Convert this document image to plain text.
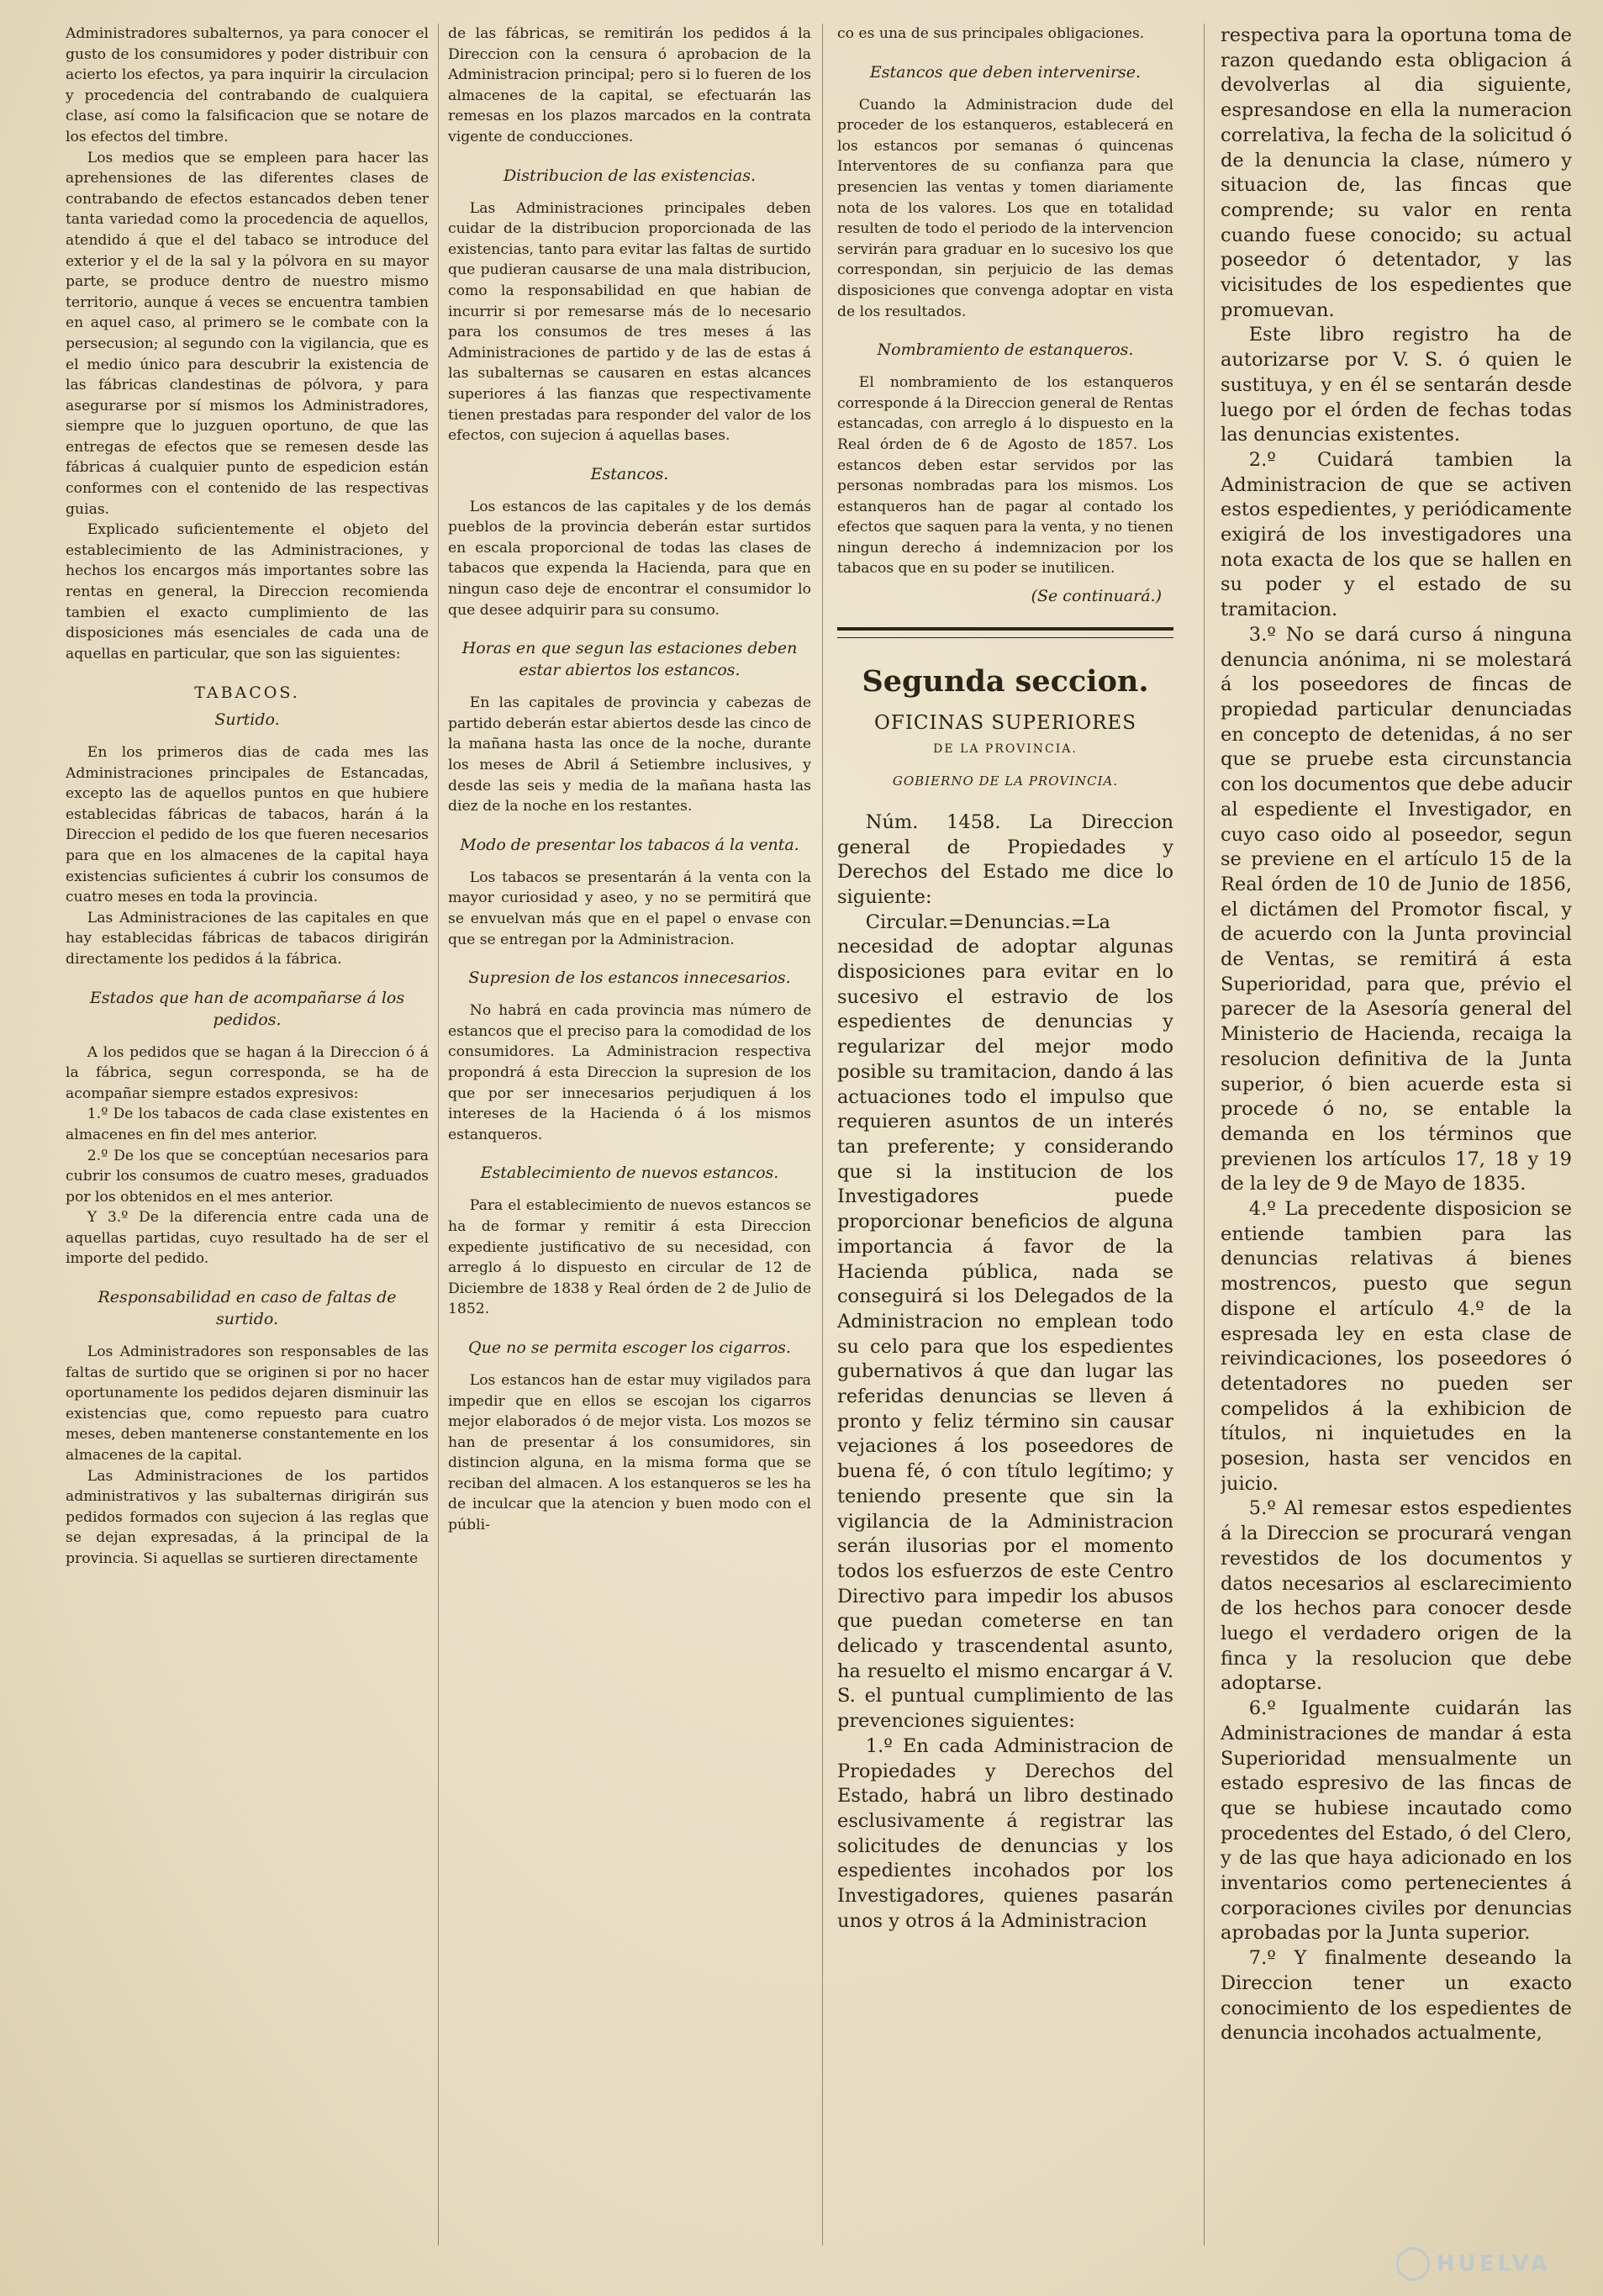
Administradores subalternos, ya para conocer el gusto de los consumidores y poder distribuir con acierto los efectos, ya para inquirir la circulacion y procedencia del contrabando de cualquiera clase, así como la falsificacion que se notare de los efectos del timbre.

Los medios que se empleen para hacer las aprehensiones de las diferentes clases de contrabando de efectos estancados deben tener tanta variedad como la procedencia de aquellos, atendido á que el del tabaco se introduce del exterior y el de la sal y la pólvora en su mayor parte, se produce dentro de nuestro mismo territorio, aunque á veces se encuentra tambien en aquel caso, al primero se le combate con la persecusion; al segundo con la vigilancia, que es el medio único para descubrir la existencia de las fábricas clandestinas de pólvora, y para asegurarse por sí mismos los Administradores, siempre que lo juzguen oportuno, de que las entregas de efectos que se remesen desde las fábricas á cualquier punto de espedicion están conformes con el contenido de las respectivas guias.

Explicado suficientemente el objeto del establecimiento de las Administraciones, y hechos los encargos más importantes sobre las rentas en general, la Direccion recomienda tambien el exacto cumplimiento de las disposiciones más esenciales de cada una de aquellas en particular, que son las siguientes:

TABACOS.
Surtido.

En los primeros dias de cada mes las Administraciones principales de Estancadas, excepto las de aquellos puntos en que hubiere establecidas fábricas de tabacos, harán á la Direccion el pedido de los que fueren necesarios para que en los almacenes de la capital haya existencias suficientes á cubrir los consumos de cuatro meses en toda la provincia.

Las Administraciones de las capitales en que hay establecidas fábricas de tabacos dirigirán directamente los pedidos á la fábrica.

Estados que han de acompañarse á los pedidos.

A los pedidos que se hagan á la Direccion ó á la fábrica, segun corresponda, se ha de acompañar siempre estados expresivos:

1.º De los tabacos de cada clase existentes en almacenes en fin del mes anterior.

2.º De los que se conceptúan necesarios para cubrir los consumos de cuatro meses, graduados por los obtenidos en el mes anterior.

Y 3.º De la diferencia entre cada una de aquellas partidas, cuyo resultado ha de ser el importe del pedido.

Responsabilidad en caso de faltas de surtido.

Los Administradores son responsables de las faltas de surtido que se originen si por no hacer oportunamente los pedidos dejaren disminuir las existencias que, como repuesto para cuatro meses, deben mantenerse constantemente en los almacenes de la capital.

Las Administraciones de los partidos administrativos y las subalternas dirigirán sus pedidos formados con sujecion á las reglas que se dejan expresadas, á la principal de la provincia. Si aquellas se surtieren directamente

de las fábricas, se remitirán los pedidos á la Direccion con la censura ó aprobacion de la Administracion principal; pero si lo fueren de los almacenes de la capital, se efectuarán las remesas en los plazos marcados en la contrata vigente de conducciones.

Distribucion de las existencias.

Las Administraciones principales deben cuidar de la distribucion proporcionada de las existencias, tanto para evitar las faltas de surtido que pudieran causarse de una mala distribucion, como la responsabilidad en que habian de incurrir si por remesarse más de lo necesario para los consumos de tres meses á las Administraciones de partido y de las de estas á las subalternas se causaren en estas alcances superiores á las fianzas que respectivamente tienen prestadas para responder del valor de los efectos, con sujecion á aquellas bases.

Estancos.

Los estancos de las capitales y de los demás pueblos de la provincia deberán estar surtidos en escala proporcional de todas las clases de tabacos que expenda la Hacienda, para que en ningun caso deje de encontrar el consumidor lo que desee adquirir para su consumo.

Horas en que segun las estaciones deben estar abiertos los estancos.

En las capitales de provincia y cabezas de partido deberán estar abiertos desde las cinco de la mañana hasta las once de la noche, durante los meses de Abril á Setiembre inclusives, y desde las seis y media de la mañana hasta las diez de la noche en los restantes.

Modo de presentar los tabacos á la venta.

Los tabacos se presentarán á la venta con la mayor curiosidad y aseo, y no se permitirá que se envuelvan más que en el papel o envase con que se entregan por la Administracion.

Supresion de los estancos innecesarios.

No habrá en cada provincia mas número de estancos que el preciso para la comodidad de los consumidores. La Administracion respectiva propondrá á esta Direccion la supresion de los que por ser innecesarios perjudiquen á los intereses de la Hacienda ó á los mismos estanqueros.

Establecimiento de nuevos estancos.

Para el establecimiento de nuevos estancos se ha de formar y remitir á esta Direccion expediente justificativo de su necesidad, con arreglo á lo dispuesto en circular de 12 de Diciembre de 1838 y Real órden de 2 de Julio de 1852.

Que no se permita escoger los cigarros.

Los estancos han de estar muy vigilados para impedir que en ellos se escojan los cigarros mejor elaborados ó de mejor vista. Los mozos se han de presentar á los consumidores, sin distincion alguna, en la misma forma que se reciban del almacen. A los estanqueros se les ha de inculcar que la atencion y buen modo con el públi-

co es una de sus principales obligaciones.

Estancos que deben intervenirse.

Cuando la Administracion dude del proceder de los estanqueros, establecerá en los estancos por semanas ó quincenas Interventores de su confianza para que presencien las ventas y tomen diariamente nota de los valores. Los que en totalidad resulten de todo el periodo de la intervencion servirán para graduar en lo sucesivo los que correspondan, sin perjuicio de las demas disposiciones que convenga adoptar en vista de los resultados.

Nombramiento de estanqueros.

El nombramiento de los estanqueros corresponde á la Direccion general de Rentas estancadas, con arreglo á lo dispuesto en la Real órden de 6 de Agosto de 1857. Los estancos deben estar servidos por las personas nombradas para los mismos. Los estanqueros han de pagar al contado los efectos que saquen para la venta, y no tienen ningun derecho á indemnizacion por los tabacos que en su poder se inutilicen.

(Se continuará.)
Segunda seccion.
OFICINAS SUPERIORES
DE LA PROVINCIA.
GOBIERNO DE LA PROVINCIA.

Núm. 1458. La Direccion general de Propiedades y Derechos del Estado me dice lo siguiente:

Circular.=Denuncias.=La necesidad de adoptar algunas disposiciones para evitar en lo sucesivo el estravio de los espedientes de denuncias y regularizar del mejor modo posible su tramitacion, dando á las actuaciones todo el impulso que requieren asuntos de un interés tan preferente; y considerando que si la institucion de los Investigadores puede proporcionar beneficios de alguna importancia á favor de la Hacienda pública, nada se conseguirá si los Delegados de la Administracion no emplean todo su celo para que los espedientes gubernativos á que dan lugar las referidas denuncias se lleven á pronto y feliz término sin causar vejaciones á los poseedores de buena fé, ó con título legítimo; y teniendo presente que sin la vigilancia de la Administracion serán ilusorias por el momento todos los esfuerzos de este Centro Directivo para impedir los abusos que puedan cometerse en tan delicado y trascendental asunto, ha resuelto el mismo encargar á V. S. el puntual cumplimiento de las prevenciones siguientes:

1.º En cada Administracion de Propiedades y Derechos del Estado, habrá un libro destinado esclusivamente á registrar las solicitudes de denuncias y los espedientes incohados por los Investigadores, quienes pasarán unos y otros á la Administracion

respectiva para la oportuna toma de razon quedando esta obligacion á devolverlas al dia siguiente, espresandose en ella la numeracion correlativa, la fecha de la solicitud ó de la denuncia la clase, número y situacion de, las fincas que comprende; su valor en renta cuando fuese conocido; su actual poseedor ó detentador, y las vicisitudes de los espedientes que promuevan.

Este libro registro ha de autorizarse por V. S. ó quien le sustituya, y en él se sentarán desde luego por el órden de fechas todas las denuncias existentes.

2.º Cuidará tambien la Administracion de que se activen estos espedientes, y periódicamente exigirá de los investigadores una nota exacta de los que se hallen en su poder y el estado de su tramitacion.

3.º No se dará curso á ninguna denuncia anónima, ni se molestará á los poseedores de fincas de propiedad particular denunciadas en concepto de detenidas, á no ser que se pruebe esta circunstancia con los documentos que debe aducir al espediente el Investigador, en cuyo caso oido al poseedor, segun se previene en el artículo 15 de la Real órden de 10 de Junio de 1856, el dictámen del Promotor fiscal, y de acuerdo con la Junta provincial de Ventas, se remitirá á esta Superioridad, para que, prévio el parecer de la Asesoría general del Ministerio de Hacienda, recaiga la resolucion definitiva de la Junta superior, ó bien acuerde esta si procede ó no, se entable la demanda en los términos que previenen los artículos 17, 18 y 19 de la ley de 9 de Mayo de 1835.

4.º La precedente disposicion se entiende tambien para las denuncias relativas á bienes mostrencos, puesto que segun dispone el artículo 4.º de la espresada ley en esta clase de reivindicaciones, los poseedores ó detentadores no pueden ser compelidos á la exhibicion de títulos, ni inquietudes en la posesion, hasta ser vencidos en juicio.

5.º Al remesar estos espedientes á la Direccion se procurará vengan revestidos de los documentos y datos necesarios al esclarecimiento de los hechos para conocer desde luego el verdadero origen de la finca y la resolucion que debe adoptarse.

6.º Igualmente cuidarán las Administraciones de mandar á esta Superioridad mensualmente un estado espresivo de las fincas de que se hubiese incautado como procedentes del Estado, ó del Clero, y de las que haya adicionado en los inventarios como pertenecientes á corporaciones civiles por denuncias aprobadas por la Junta superior.

7.º Y finalmente deseando la Direccion tener un exacto conocimiento de los espedientes de denuncia incohados actualmente,

HUELVA
